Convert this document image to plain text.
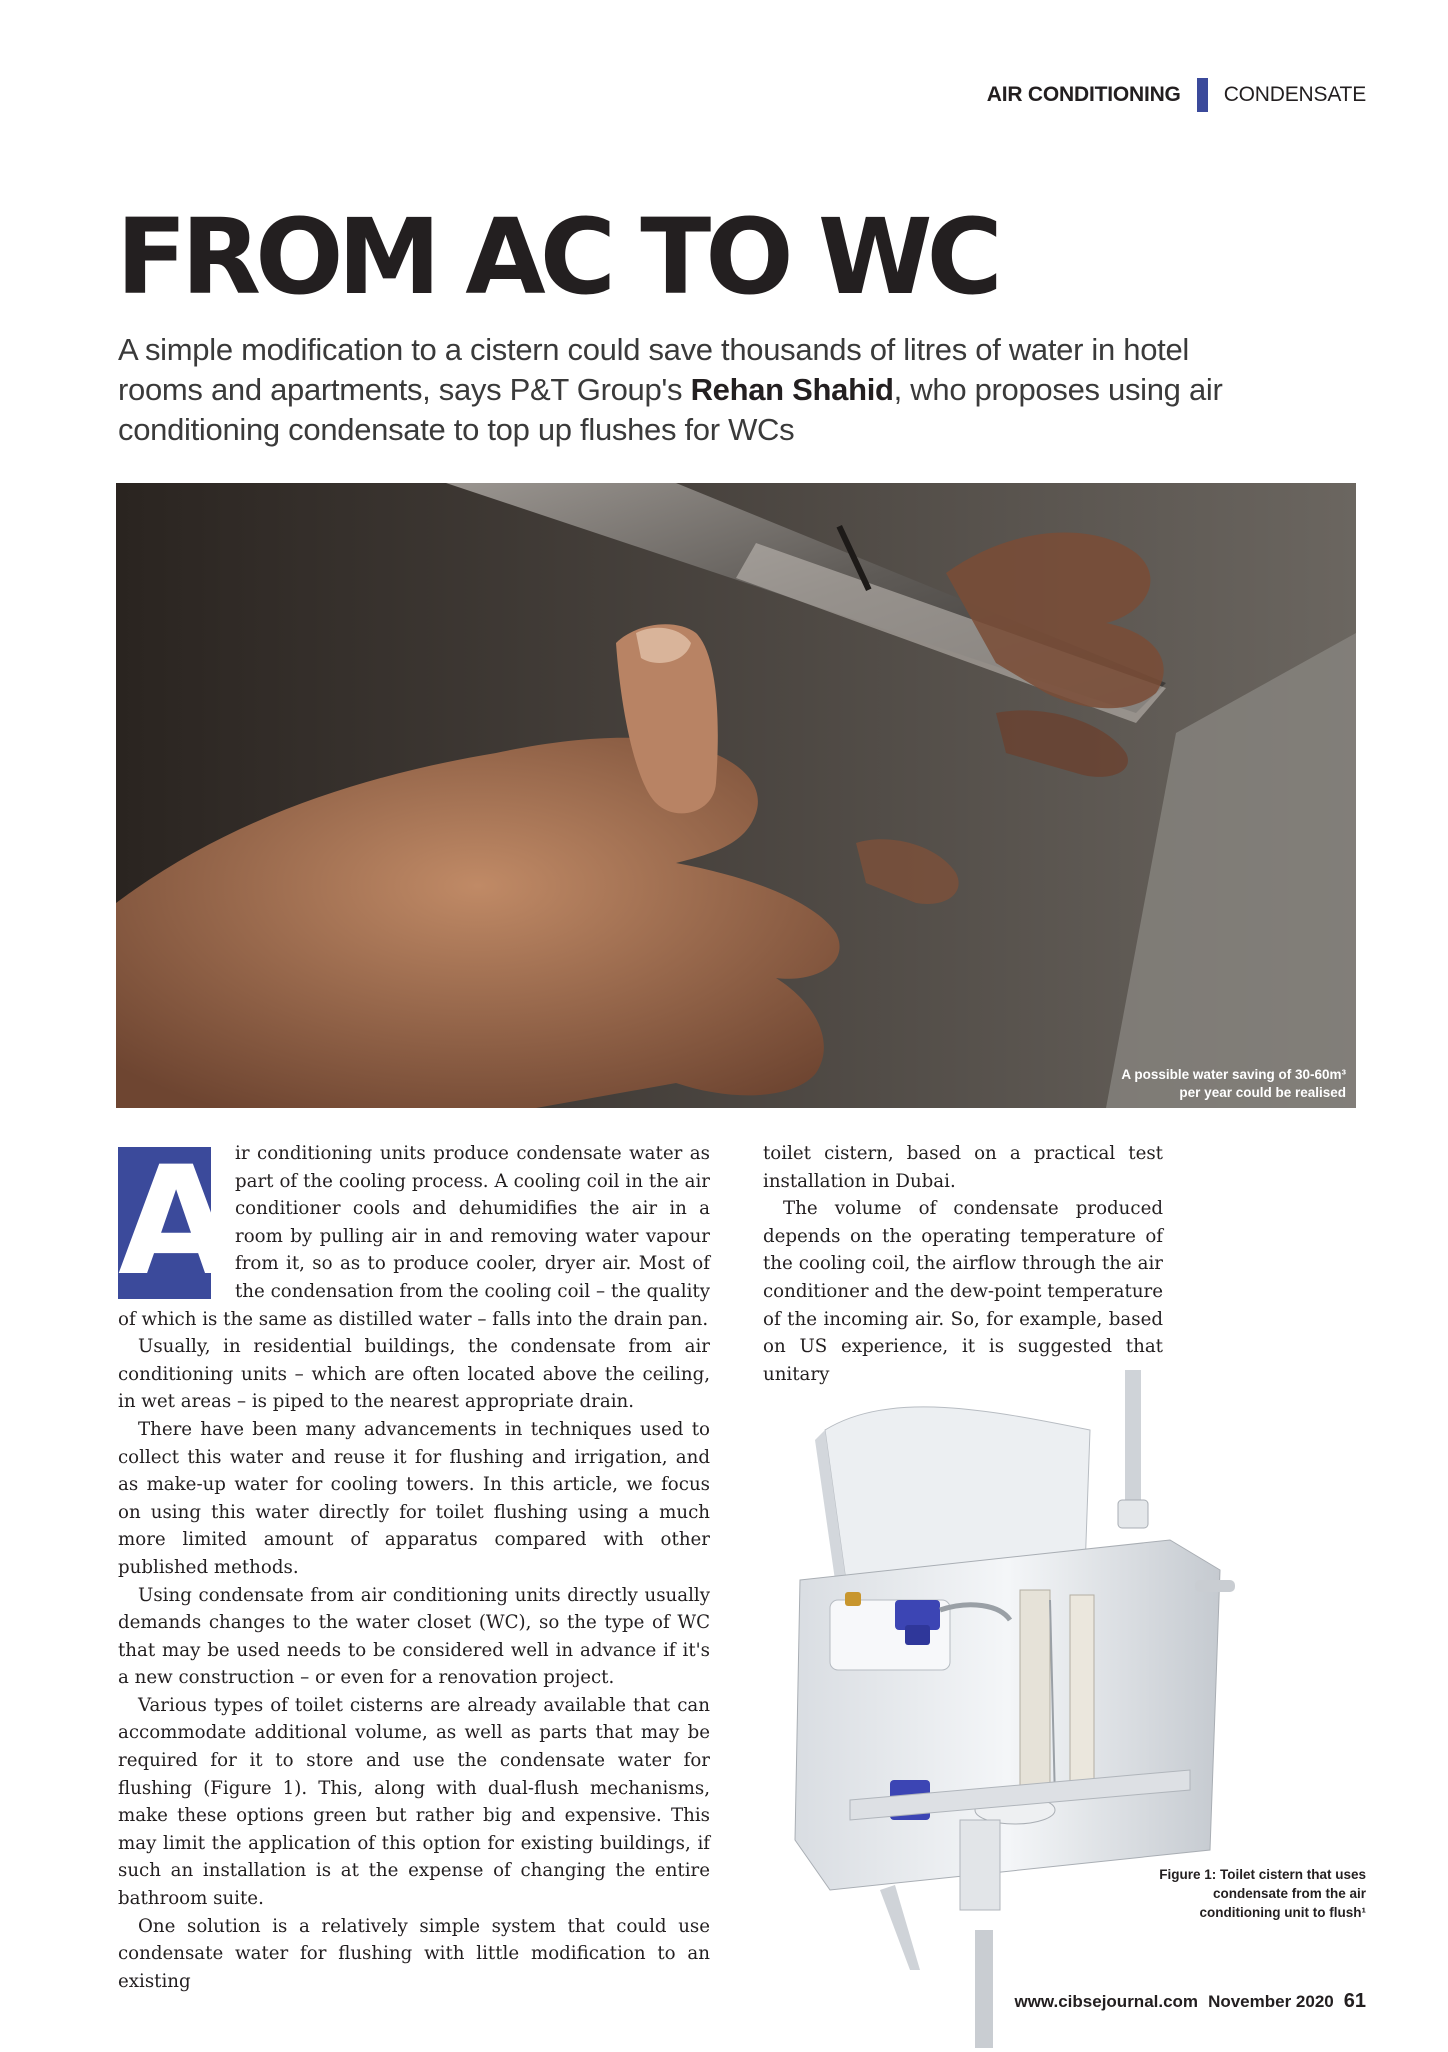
AIR CONDITIONING CONDENSATE
FROM AC TO WC

A simple modification to a cistern could save thousands of litres of water in hotel rooms and apartments, says P&T Group's Rehan Shahid, who proposes using air conditioning condensate to top up flushes for WCs

A possible water saving of 30-60m³ per year could be realised
A ir conditioning units produce condensate water as part of the cooling process. A cooling coil in the air conditioner cools and dehumidifies the air in a room by pulling air in and removing water vapour from it, so as to produce cooler, dryer air. Most of the condensation from the cooling coil – the quality of which is the same as distilled water – falls into the drain pan.

Usually, in residential buildings, the condensate from air conditioning units – which are often located above the ceiling, in wet areas – is piped to the nearest appropriate drain.

There have been many advancements in techniques used to collect this water and reuse it for flushing and irrigation, and as make-up water for cooling towers. In this article, we focus on using this water directly for toilet flushing using a much more limited amount of apparatus compared with other published methods.

Using condensate from air conditioning units directly usually demands changes to the water closet (WC), so the type of WC that may be used needs to be considered well in advance if it's a new construction – or even for a renovation project.

Various types of toilet cisterns are already available that can accommodate additional volume, as well as parts that may be required for it to store and use the condensate water for flushing (Figure 1). This, along with dual-flush mechanisms, make these options green but rather big and expensive. This may limit the application of this option for existing buildings, if such an installation is at the expense of changing the entire bathroom suite.

One solution is a relatively simple system that could use condensate water for flushing with little modification to an existing

toilet cistern, based on a practical test installation in Dubai.

The volume of condensate produced depends on the operating temperature of the cooling coil, the airflow through the air conditioner and the dew-point temperature of the incoming air. So, for example, based on US experience, it is suggested that unitary

Figure 1: Toilet cistern that uses condensate from the air conditioning unit to flush¹
www.cibsejournal.com November 2020 61
